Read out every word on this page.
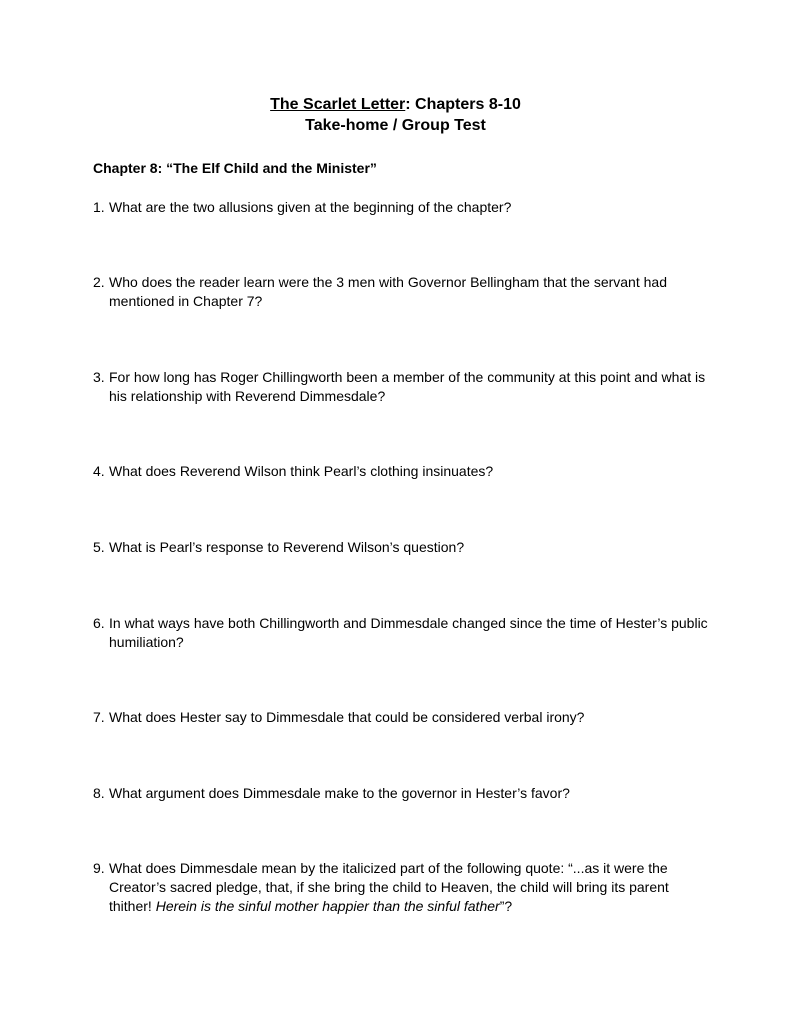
The Scarlet Letter: Chapters 8-10
Take-home / Group Test
Chapter 8: “The Elf Child and the Minister”
1. What are the two allusions given at the beginning of the chapter?
2. Who does the reader learn were the 3 men with Governor Bellingham that the servant had mentioned in Chapter 7?
3. For how long has Roger Chillingworth been a member of the community at this point and what is his relationship with Reverend Dimmesdale?
4. What does Reverend Wilson think Pearl’s clothing insinuates?
5. What is Pearl’s response to Reverend Wilson’s question?
6. In what ways have both Chillingworth and Dimmesdale changed since the time of Hester’s public humiliation?
7. What does Hester say to Dimmesdale that could be considered verbal irony?
8. What argument does Dimmesdale make to the governor in Hester’s favor?
9. What does Dimmesdale mean by the italicized part of the following quote: “...as it were the Creator’s sacred pledge, that, if she bring the child to Heaven, the child will bring its parent thither! Herein is the sinful mother happier than the sinful father”?
